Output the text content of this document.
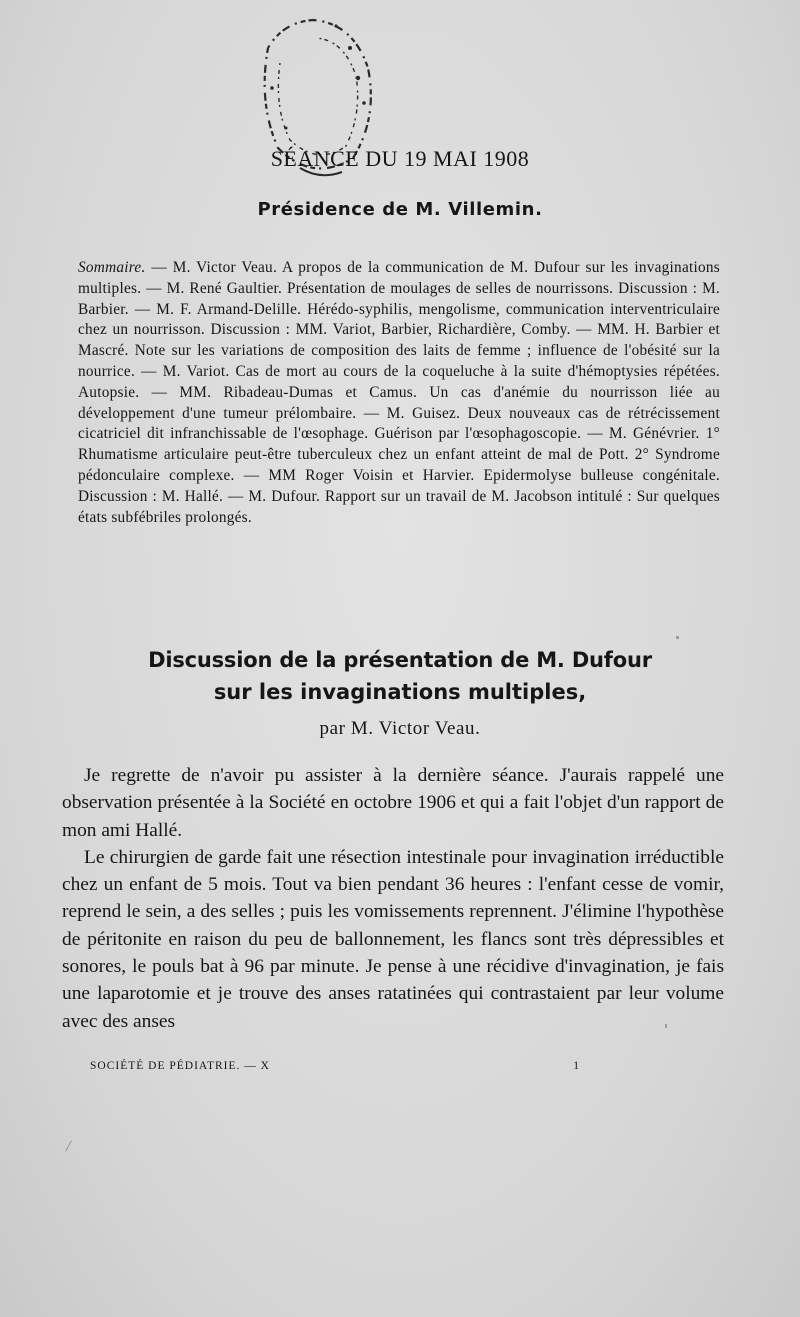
SÉANCE DU 19 MAI 1908
Présidence de M. Villemin.
Sommaire. — M. Victor Veau. A propos de la communication de M. Dufour sur les invaginations multiples. — M. René Gaultier. Présentation de moulages de selles de nourrissons. Discussion : M. Barbier. — M. F. Armand-Delille. Hérédo-syphilis, mengolisme, communication interventriculaire chez un nourrisson. Discussion : MM. Variot, Barbier, Richardière, Comby. — MM. H. Barbier et Mascré. Note sur les variations de composition des laits de femme ; influence de l'obésité sur la nourrice. — M. Variot. Cas de mort au cours de la coqueluche à la suite d'hémoptysies répétées. Autopsie. — MM. Ribadeau-Dumas et Camus. Un cas d'anémie du nourrisson liée au développement d'une tumeur prélombaire. — M. Guisez. Deux nouveaux cas de rétrécissement cicatriciel dit infranchissable de l'œsophage. Guérison par l'œsophagoscopie. — M. Génévrier. 1° Rhumatisme articulaire peut-être tuberculeux chez un enfant atteint de mal de Pott. 2° Syndrome pédonculaire complexe. — MM Roger Voisin et Harvier. Epidermolyse bulleuse congénitale. Discussion : M. Hallé. — M. Dufour. Rapport sur un travail de M. Jacobson intitulé : Sur quelques états subfébriles prolongés.
Discussion de la présentation de M. Dufour
sur les invaginations multiples,
par M. Victor Veau.

Je regrette de n'avoir pu assister à la dernière séance. J'aurais rappelé une observation présentée à la Société en octobre 1906 et qui a fait l'objet d'un rapport de mon ami Hallé.

Le chirurgien de garde fait une résection intestinale pour invagination irréductible chez un enfant de 5 mois. Tout va bien pendant 36 heures : l'enfant cesse de vomir, reprend le sein, a des selles ; puis les vomissements reprennent. J'élimine l'hypothèse de péritonite en raison du peu de ballonnement, les flancs sont très dépressibles et sonores, le pouls bat à 96 par minute. Je pense à une récidive d'invagination, je fais une laparotomie et je trouve des anses ratatinées qui contrastaient par leur volume avec des anses

SOCIÉTÉ DE PÉDIATRIE. — X	1
